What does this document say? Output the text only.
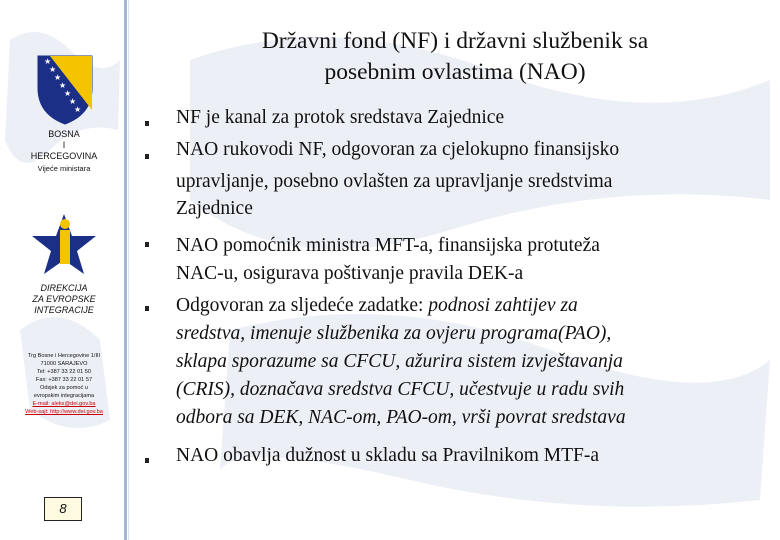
★
★
★
★
★
★
★
BOSNA
I
HERCEGOVINA
Vijeće ministara
DIREKCIJA
ZA EVROPSKE
INTEGRACIJE
Trg Bosne i Hercegovine 1/III
71000 SARAJEVO
Tel: +387 33 22 01 50
Fax: +387 33 22 01 57
Odsjek za pomoć u
evropskim integracijama
E-mail: aleks@dei.gov.ba
Web-sajt: http://www.dei.gov.ba
8
Državni fond (NF) i državni službenik sa
posebnim ovlastima (NAO)
NF je kanal za protok sredstava Zajednice
NAO rukovodi NF, odgovoran za cjelokupno finansijsko
upravljanje, posebno ovlašten za upravljanje sredstvima
Zajednice
NAO pomoćnik ministra MFT-a, finansijska protuteža
NAC-u, osigurava poštivanje pravila DEK-a
Odgovoran za sljedeće zadatke: podnosi zahtijev za
sredstva, imenuje službenika za ovjeru programa(PAO),
sklapa sporazume sa CFCU, ažurira sistem izvještavanja
(CRIS), doznačava sredstva CFCU, učestvuje u radu svih
odbora sa DEK, NAC-om, PAO-om, vrši povrat sredstava
NAO obavlja dužnost u skladu sa Pravilnikom MTF-a
